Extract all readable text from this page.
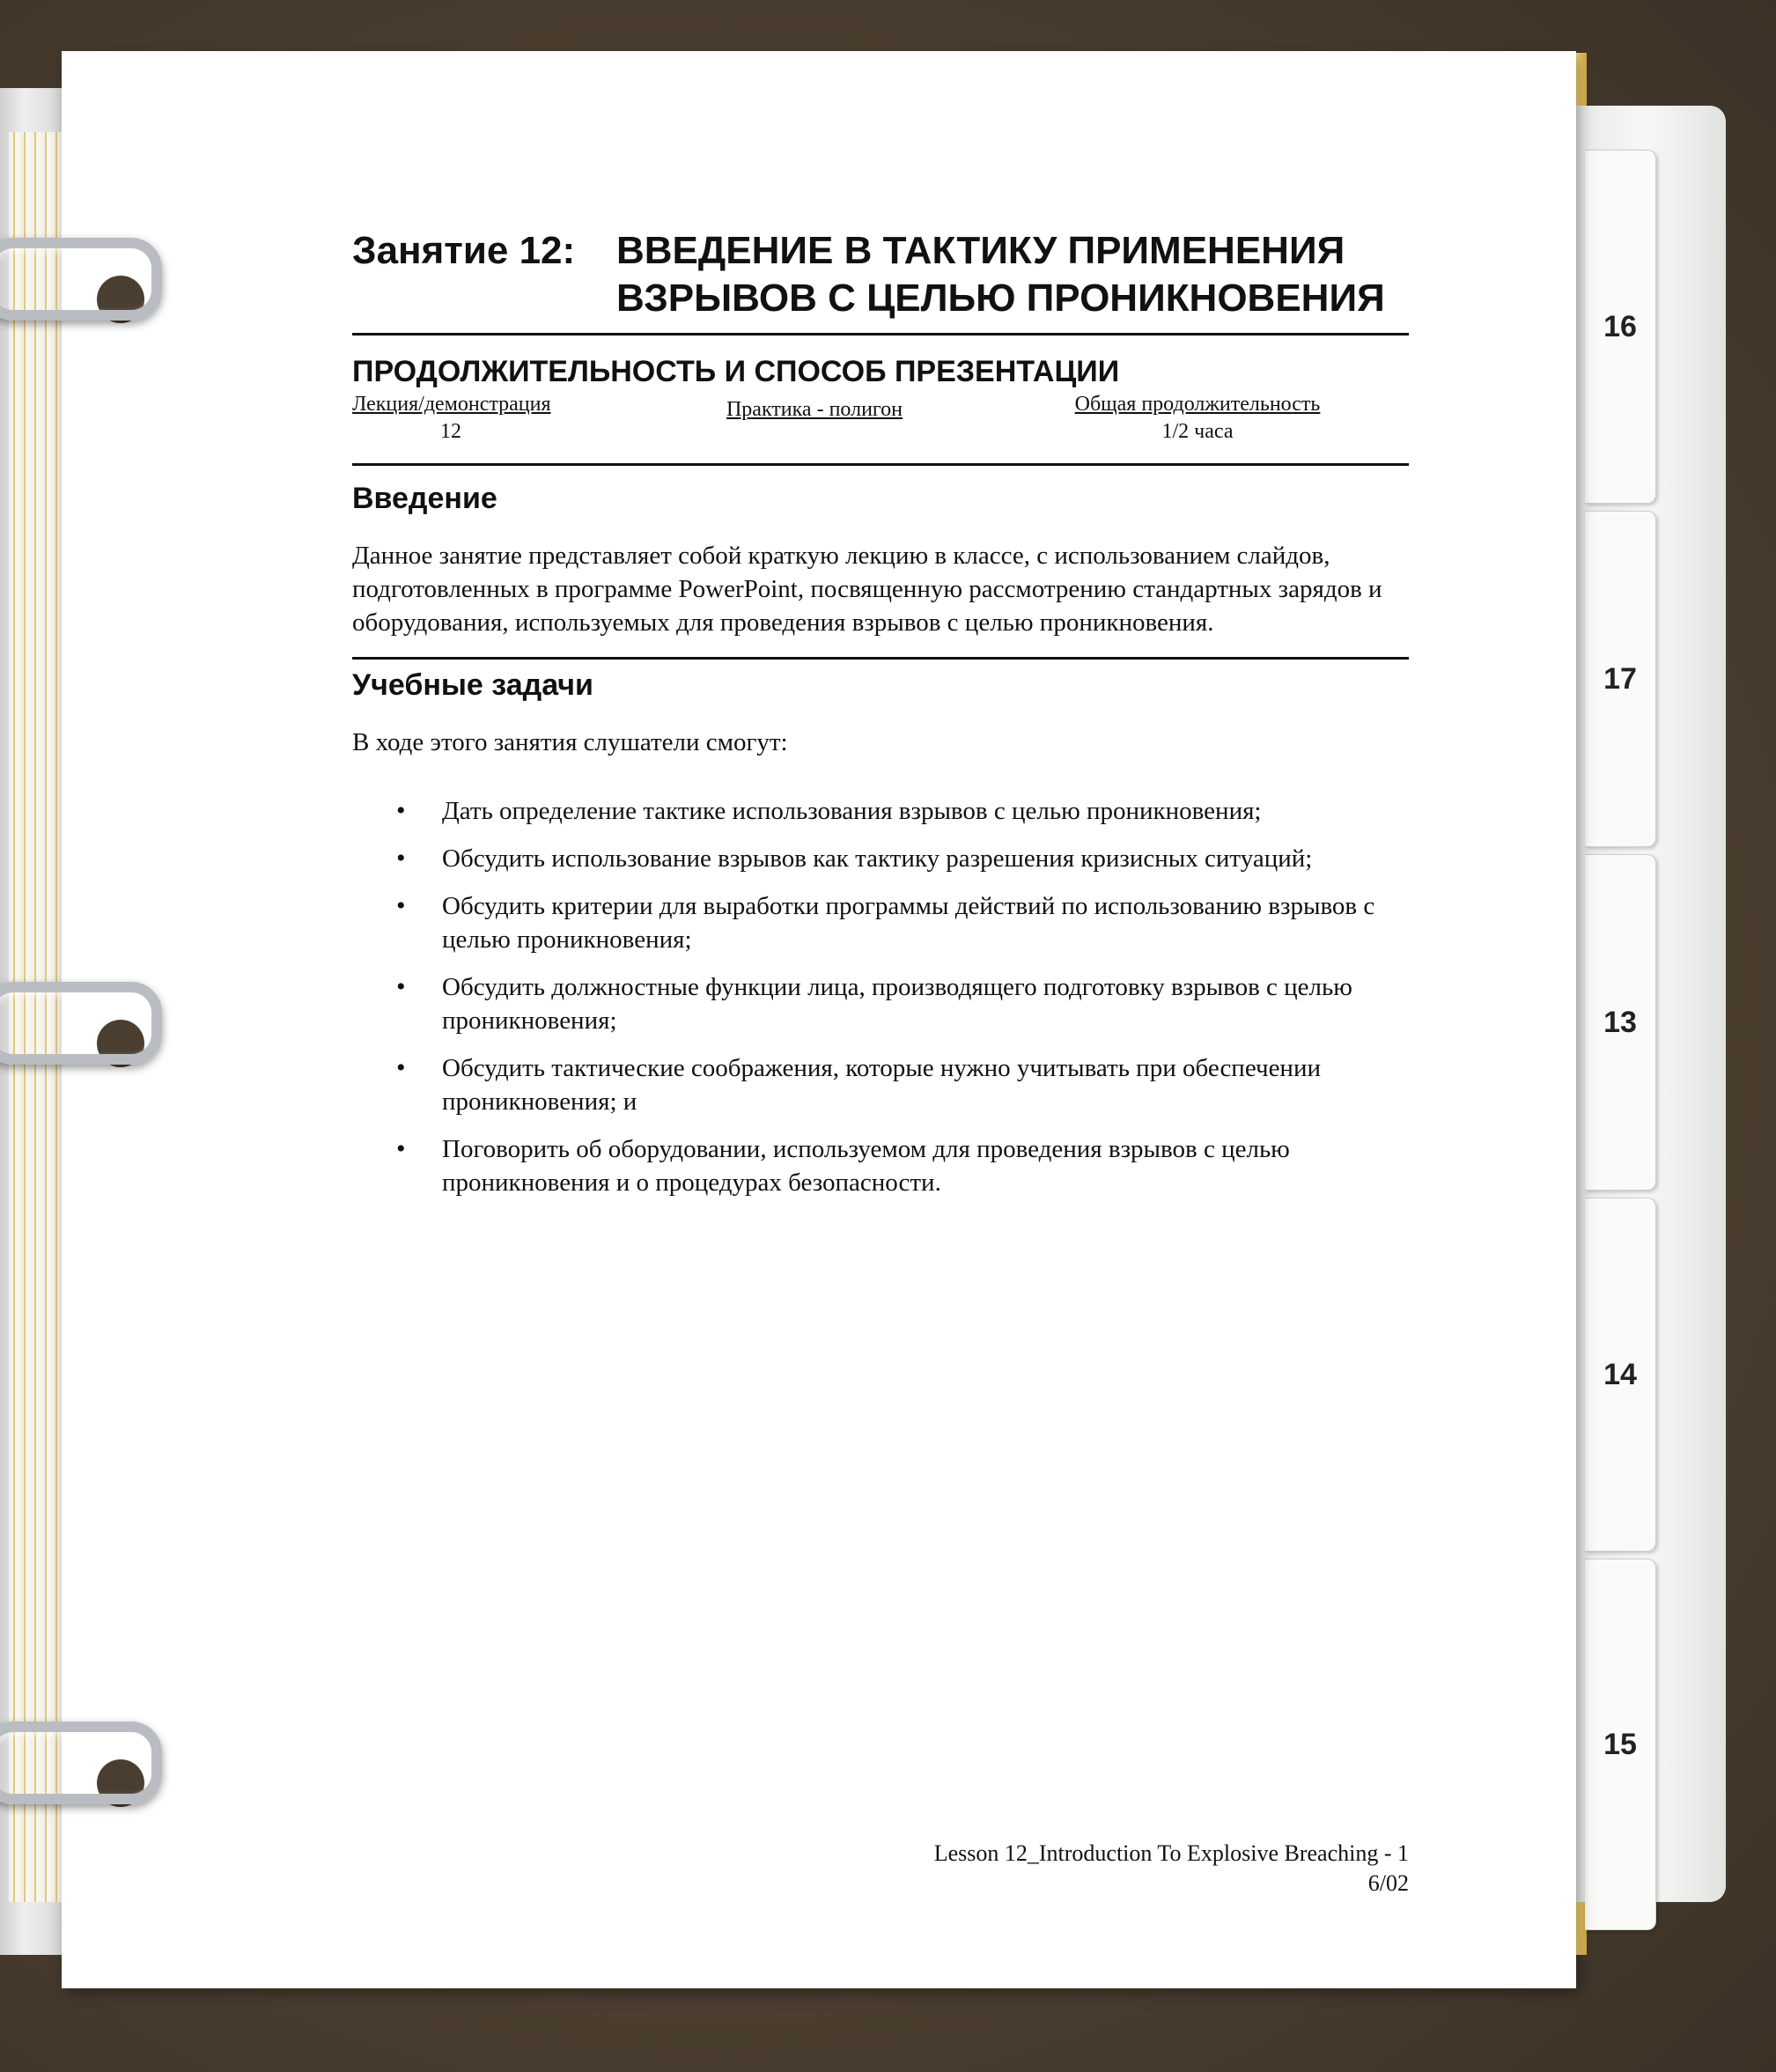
16
17
13
14
15
Занятие 12:	ВВЕДЕНИЕ В ТАКТИКУ ПРИМЕНЕНИЯ
ВЗРЫВОВ С ЦЕЛЬЮ ПРОНИКНОВЕНИЯ
ПРОДОЛЖИТЕЛЬНОСТЬ И СПОСОБ ПРЕЗЕНТАЦИИ
Лекция/демонстрация
12
Практика - полигон	Общая продолжительность
1/2 часа
Введение
Данное занятие представляет собой краткую лекцию в классе, с использованием слайдов, подготовленных в программе PowerPoint, посвященную рассмотрению стандартных зарядов и оборудования, используемых для проведения взрывов с целью проникновения.
Учебные задачи
В ходе этого занятия слушатели смогут:
• Дать определение тактике использования взрывов с целью проникновения;
• Обсудить использование взрывов как тактику разрешения кризисных ситуаций;
• Обсудить критерии для выработки программы действий по использованию взрывов с целью проникновения;
• Обсудить должностные функции лица, производящего подготовку взрывов с целью проникновения;
• Обсудить тактические соображения, которые нужно учитывать при обеспечении проникновения; и
• Поговорить об оборудовании, используемом для проведения взрывов с целью проникновения и о процедурах безопасности.
Lesson 12_Introduction To Explosive Breaching - 1
6/02
